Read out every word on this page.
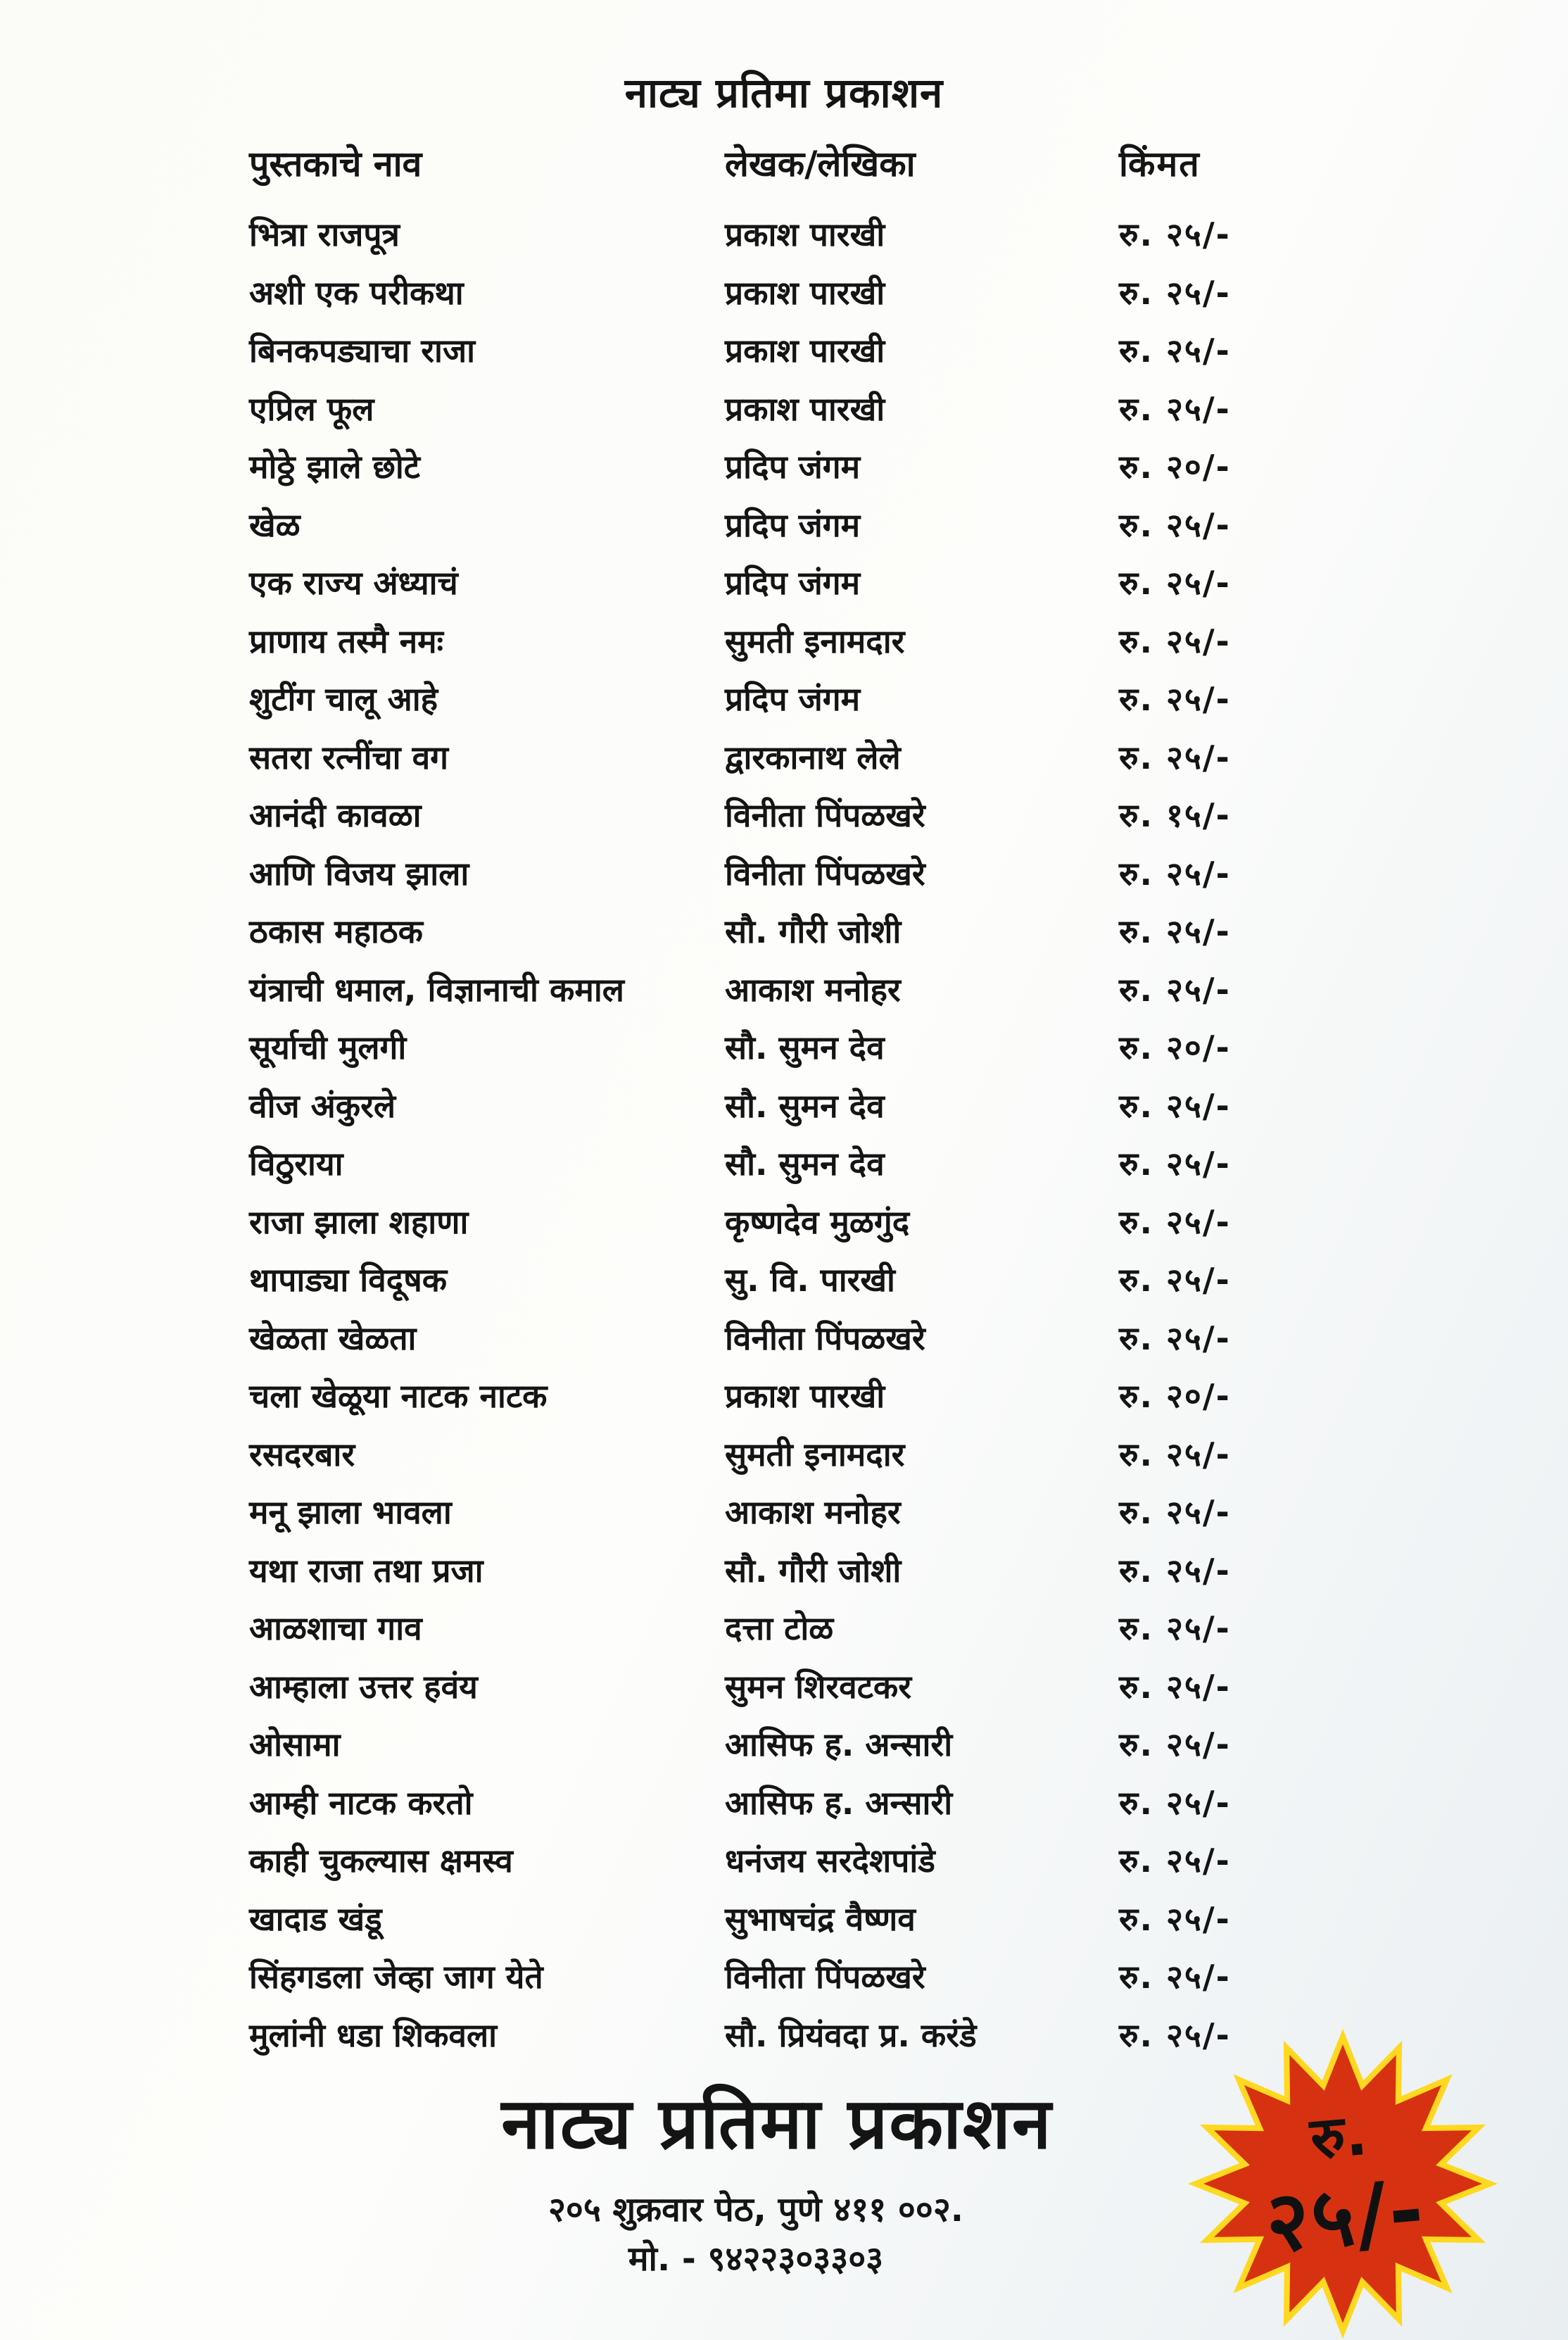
नाट्य प्रतिमा प्रकाशन
पुस्तकाचे नाव	लेखक/लेखिका	किंमत
भित्रा राजपूत्र	प्रकाश पारखी	रु. २५/-
अशी एक परीकथा	प्रकाश पारखी	रु. २५/-
बिनकपड्याचा राजा	प्रकाश पारखी	रु. २५/-
एप्रिल फूल	प्रकाश पारखी	रु. २५/-
मोठ्ठे झाले छोटे	प्रदिप जंगम	रु. २०/-
खेळ	प्रदिप जंगम	रु. २५/-
एक राज्य अंध्याचं	प्रदिप जंगम	रु. २५/-
प्राणाय तस्मै नमः	सुमती इनामदार	रु. २५/-
शुटींग चालू आहे	प्रदिप जंगम	रु. २५/-
सतरा रत्नींचा वग	द्वारकानाथ लेले	रु. २५/-
आनंदी कावळा	विनीता पिंपळखरे	रु. १५/-
आणि विजय झाला	विनीता पिंपळखरे	रु. २५/-
ठकास महाठक	सौ. गौरी जोशी	रु. २५/-
यंत्राची धमाल, विज्ञानाची कमाल	आकाश मनोहर	रु. २५/-
सूर्याची मुलगी	सौ. सुमन देव	रु. २०/-
वीज अंकुरले	सौ. सुमन देव	रु. २५/-
विठुराया	सौ. सुमन देव	रु. २५/-
राजा झाला शहाणा	कृष्णदेव मुळगुंद	रु. २५/-
थापाड्या विदूषक	सु. वि. पारखी	रु. २५/-
खेळता खेळता	विनीता पिंपळखरे	रु. २५/-
चला खेळूया नाटक नाटक	प्रकाश पारखी	रु. २०/-
रसदरबार	सुमती इनामदार	रु. २५/-
मनू झाला भावला	आकाश मनोहर	रु. २५/-
यथा राजा तथा प्रजा	सौ. गौरी जोशी	रु. २५/-
आळशाचा गाव	दत्ता टोळ	रु. २५/-
आम्हाला उत्तर हवंय	सुमन शिरवटकर	रु. २५/-
ओसामा	आसिफ ह. अन्सारी	रु. २५/-
आम्ही नाटक करतो	आसिफ ह. अन्सारी	रु. २५/-
काही चुकल्यास क्षमस्व	धनंजय सरदेशपांडे	रु. २५/-
खादाड खंडू	सुभाषचंद्र वैष्णव	रु. २५/-
सिंहगडला जेव्हा जाग येते	विनीता पिंपळखरे	रु. २५/-
मुलांनी धडा शिकवला	सौ. प्रियंवदा प्र. करंडे	रु. २५/-
नाट्य प्रतिमा प्रकाशन
२०५ शुक्रवार पेठ, पुणे ४११ ००२.
मो. - ९४२२३०३३०३
रु.
२५/-
